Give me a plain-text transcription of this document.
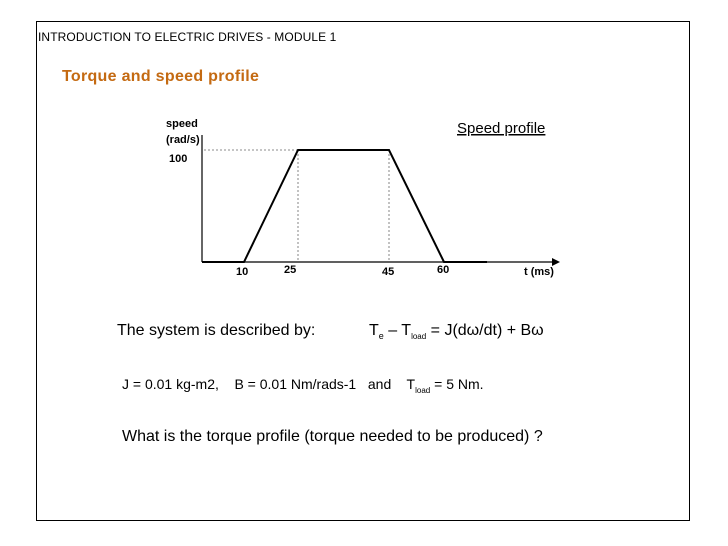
INTRODUCTION TO ELECTRIC DRIVES - MODULE 1
Torque and speed profile
speed
(rad/s)
100
Speed profile
t (ms)
10	25	45	60
The system is described by:	$T_e - T_{load} = J(d\omega/dt) + B\omega$
J = 0.01 kg-m2,    B = 0.01 Nm/rads-1   and    $T_{load} = 5$ Nm.
What is the torque profile (torque needed to be produced) ?
